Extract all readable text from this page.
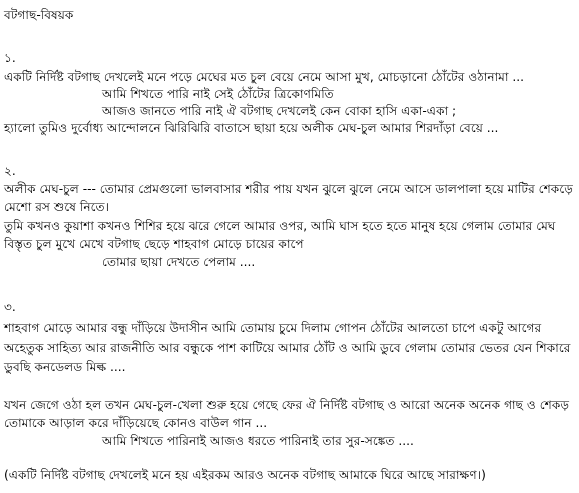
বটগাছ-বিষয়ক

১.

একটি নির্দিষ্ট বটগাছ দেখলেই মনে পড়ে মেঘের মত চুল বেয়ে নেমে আসা মুখ, মোচড়ানো ঠোঁটের ওঠানামা ...

আমি শিখতে পারি নাই সেই ঠোঁটের ত্রিকোণমিতি

আজও জানতে পারি নাই ঐ বটগাছ দেখলেই কেন বোকা হাসি একা-একা ;

হ্যালো তুমিও দুর্বোধ্য আন্দোলনে ঝিরিঝিরি বাতাসে ছায়া হয়ে অলীক মেঘ-চুল আমার শিরদাঁড়া বেয়ে ...

২.

অলীক মেঘ-চুল --- তোমার প্রেমগুলো ভালবাসার শরীর পায় যখন ঝুলে ঝুলে নেমে আসে ডালপালা হয়ে মাটির শেকড়ে

মেশো রস শুষে নিতে।

তুমি কখনও কুয়াশা কখনও শিশির হয়ে ঝরে গেলে আমার ওপর, আমি ঘাস হতে হতে মানুষ হয়ে গেলাম তোমার মেঘ

বিস্তৃত চুল মুখে মেখে বটগাছ ছেড়ে শাহবাগ মোড়ে চায়ের কাপে

তোমার ছায়া দেখতে পেলাম ....

৩.

শাহবাগ মোড়ে আমার বন্ধু দাঁড়িয়ে উদাসীন আমি তোমায় চুমে দিলাম গোপন ঠোঁটের আলতো চাপে একটু আগের

অহেতুক সাহিত্য আর রাজনীতি আর বন্ধুকে পাশ কাটিয়ে আমার ঠোঁট ও আমি ডুবে গেলাম তোমার ভেতর যেন শিকারে

ডুবছি কনডেলড মিল্ক ....

যখন জেগে ওঠা হল তখন মেঘ-চুল-খেলা শুরু হয়ে গেছে ফের ঐ নির্দিষ্ট বটগাছ ও আরো অনেক অনেক গাছ ও শেকড়

তোমাকে আড়াল করে দাঁড়িয়েছে কোনও বাউল গান ...

আমি শিখতে পারিনাই আজও ধরতে পারিনাই তার সুর-সঙ্কেত ....

(একটি নির্দিষ্ট বটগাছ দেখলেই মনে হয় এইরকম আরও অনেক বটগাছ আমাকে ঘিরে আছে সারাক্ষণ।)
